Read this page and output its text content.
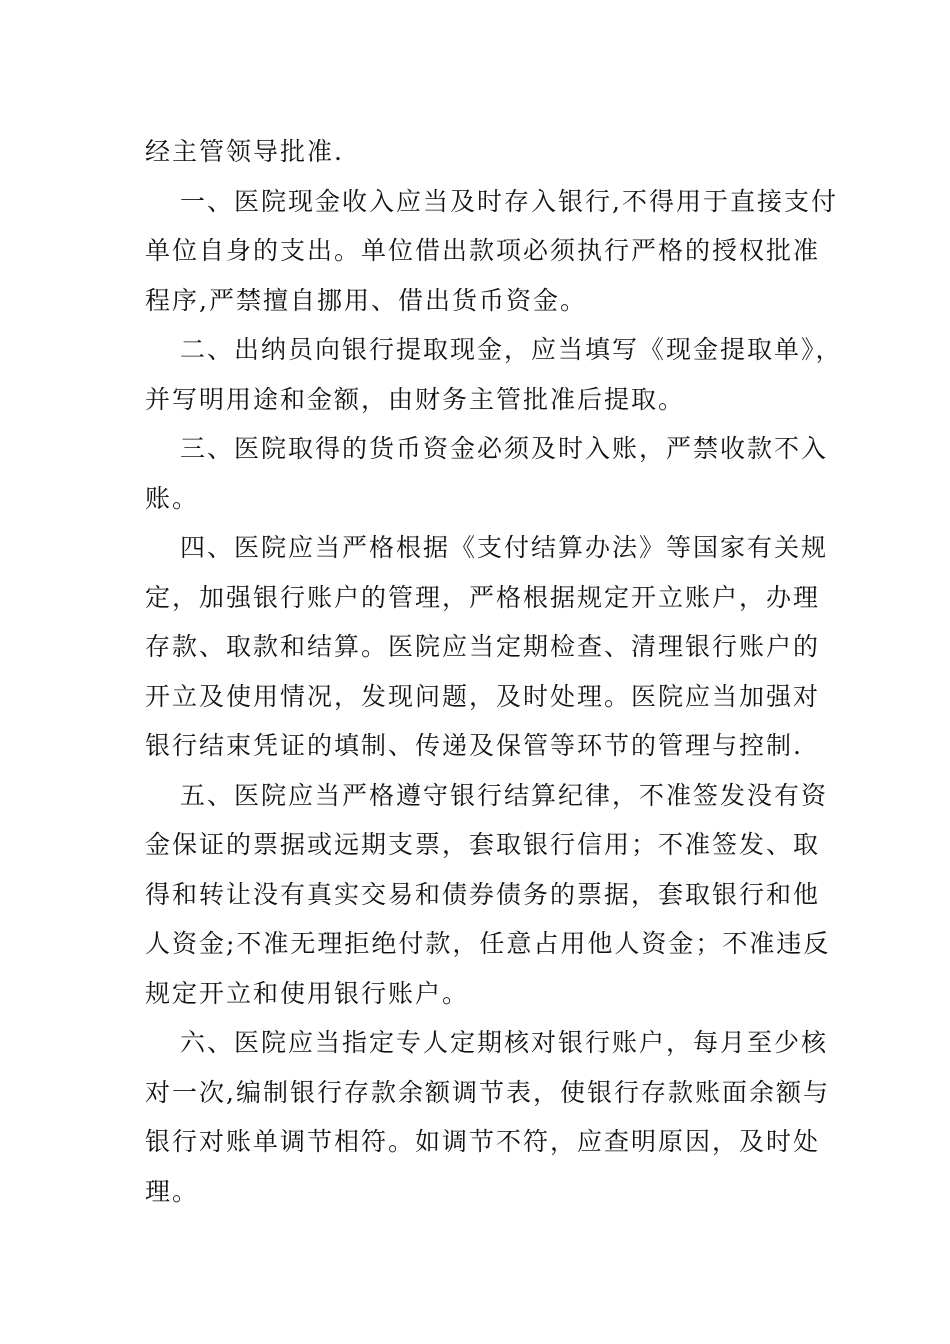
经主管领导批准.
一、医院现金收入应当及时存入银行,不得用于直接支付
单位自身的支出。单位借出款项必须执行严格的授权批准
程序,严禁擅自挪用、借出货币资金。
二、出纳员向银行提取现金，应当填写《现金提取单》，
并写明用途和金额，由财务主管批准后提取。
三、医院取得的货币资金必须及时入账，严禁收款不入
账。
四、医院应当严格根据《支付结算办法》等国家有关规
定，加强银行账户的管理，严格根据规定开立账户，办理
存款、取款和结算。医院应当定期检查、清理银行账户的
开立及使用情况，发现问题，及时处理。医院应当加强对
银行结束凭证的填制、传递及保管等环节的管理与控制.
五、医院应当严格遵守银行结算纪律，不准签发没有资
金保证的票据或远期支票，套取银行信用；不准签发、取
得和转让没有真实交易和债券债务的票据，套取银行和他
人资金;不准无理拒绝付款，任意占用他人资金；不准违反
规定开立和使用银行账户。
六、医院应当指定专人定期核对银行账户，每月至少核
对一次,编制银行存款余额调节表，使银行存款账面余额与
银行对账单调节相符。如调节不符，应查明原因，及时处
理。
